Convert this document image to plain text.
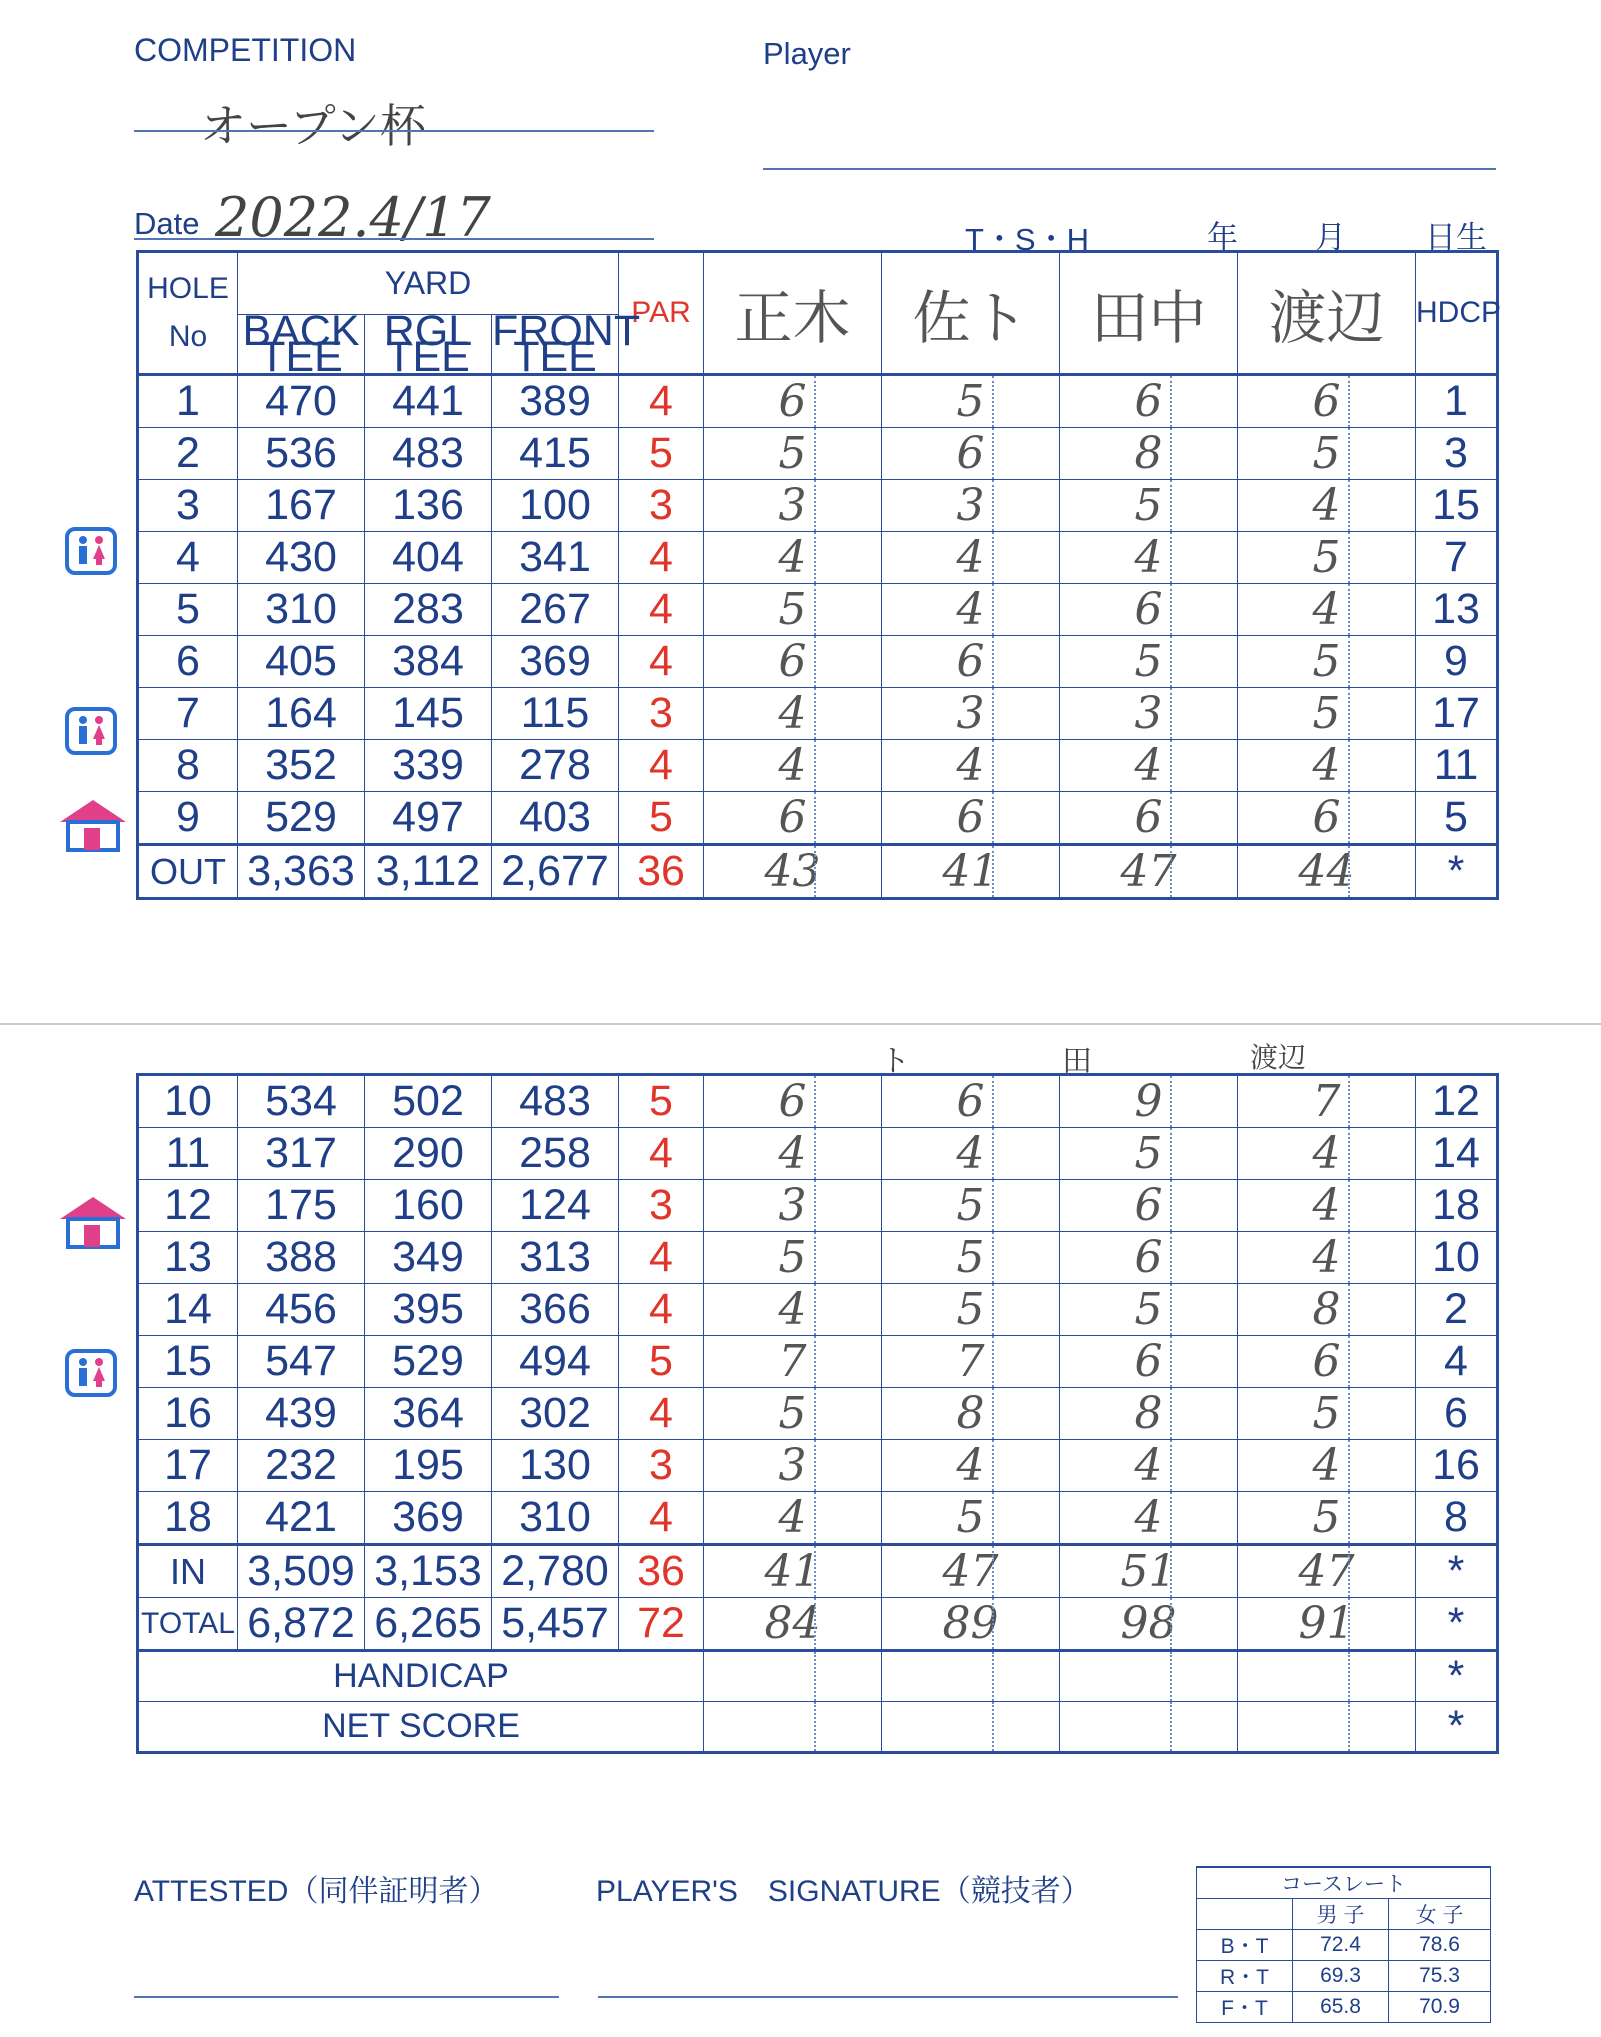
COMPETITION
オープン杯
Player
Date 2022.4/17	T・S・H	年 月	日生
HOLE
No	YARD			PAR	正木	佐ト	田中	渡辺	HDCP
	BACK TEE	RGL TEE	FRONT TEE						
1	470	441	389	4	6	5	6	6	1
2	536	483	415	5	5	6	8	5	3
3	167	136	100	3	3	3	5	4	15
4	430	404	341	4	4	4	4	5	7
5	310	283	267	4	5	4	6	4	13
6	405	384	369	4	6	6	5	5	9
7	164	145	115	3	4	3	3	5	17
8	352	339	278	4	4	4	4	4	11
9	529	497	403	5	6	6	6	6	5
OUT	3,363	3,112	2,677	36	43	41	47	44	*
ト	田	渡辺
10	534	502	483	5	6	6	9	7	12
11	317	290	258	4	4	4	5	4	14
12	175	160	124	3	3	5	6	4	18
13	388	349	313	4	5	5	6	4	10
14	456	395	366	4	4	5	5	8	2
15	547	529	494	5	7	7	6	6	4
16	439	364	302	4	5	8	8	5	6
17	232	195	130	3	3	4	4	4	16
18	421	369	310	4	4	5	4	5	8
IN	3,509	3,153	2,780	36	41	47	51	47	*
TOTAL	6,872	6,265	5,457	72	84	89	98	91	*
HANDICAP									*
NET SCORE									*
ATTESTED（同伴証明者）	PLAYER'S　SIGNATURE（競技者）	コースレート		
	男 子	女 子
B・T	72.4	78.6
R・T	69.3	75.3
F・T	65.8	70.9
